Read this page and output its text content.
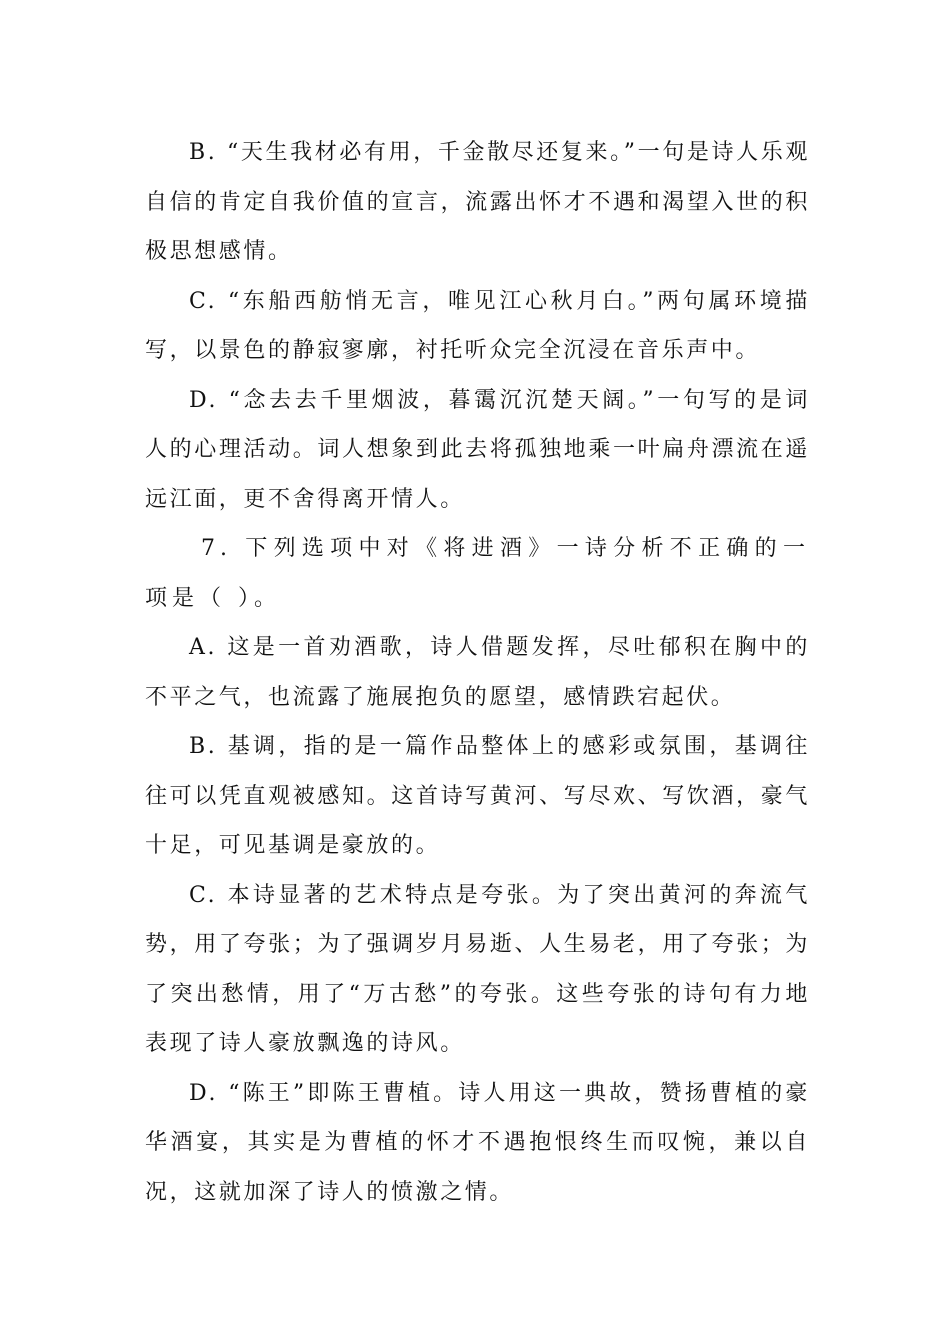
B. “天生我材必有用，千金散尽还复来。”一句是诗人乐观自信的肯定自我价值的宣言，流露出怀才不遇和渴望入世的积极思想感情。

C. “东船西舫悄无言，唯见江心秋月白。”两句属环境描写，以景色的静寂寥廓，衬托听众完全沉浸在音乐声中。

D. “念去去千里烟波，暮霭沉沉楚天阔。”一句写的是词人的心理活动。词人想象到此去将孤独地乘一叶扁舟漂流在遥远江面，更不舍得离开情人。

7. 下列选项中对《将进酒》一诗分析不正确的一项是（ ）。

A. 这是一首劝酒歌，诗人借题发挥，尽吐郁积在胸中的不平之气，也流露了施展抱负的愿望，感情跌宕起伏。

B. 基调，指的是一篇作品整体上的感彩或氛围，基调往往可以凭直观被感知。这首诗写黄河、写尽欢、写饮酒，豪气十足，可见基调是豪放的。

C. 本诗显著的艺术特点是夸张。为了突出黄河的奔流气势，用了夸张；为了强调岁月易逝、人生易老，用了夸张；为了突出愁情，用了“万古愁”的夸张。这些夸张的诗句有力地表现了诗人豪放飘逸的诗风。

D. “陈王”即陈王曹植。诗人用这一典故，赞扬曹植的豪华酒宴，其实是为曹植的怀才不遇抱恨终生而叹惋，兼以自况，这就加深了诗人的愤激之情。
